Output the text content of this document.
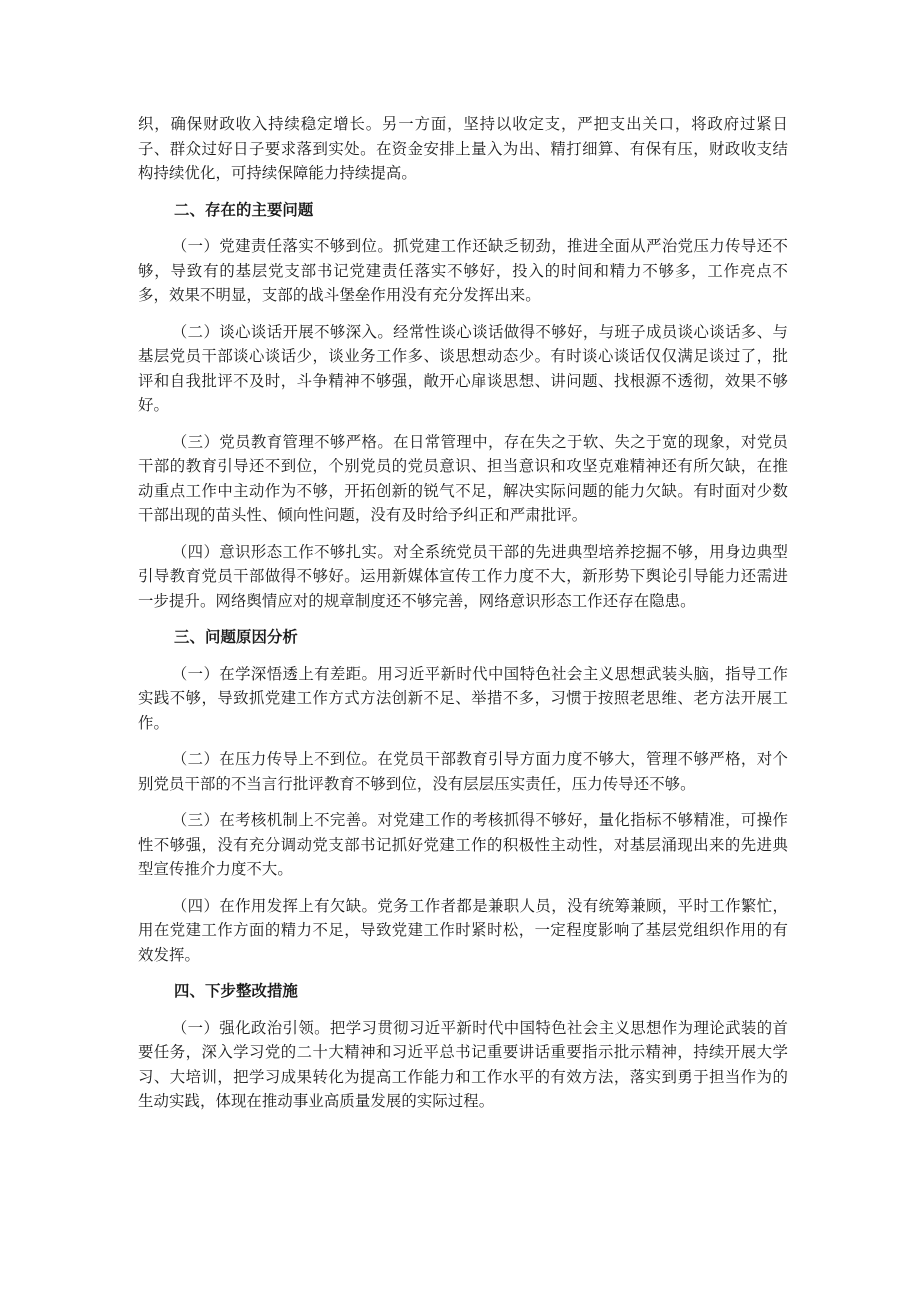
织，确保财政收入持续稳定增长。另一方面，坚持以收定支，严把支出关口，将政府过紧日子、群众过好日子要求落到实处。在资金安排上量入为出、精打细算、有保有压，财政收支结构持续优化，可持续保障能力持续提高。

二、存在的主要问题

（一）党建责任落实不够到位。抓党建工作还缺乏韧劲，推进全面从严治党压力传导还不够，导致有的基层党支部书记党建责任落实不够好，投入的时间和精力不够多，工作亮点不多，效果不明显，支部的战斗堡垒作用没有充分发挥出来。

（二）谈心谈话开展不够深入。经常性谈心谈话做得不够好，与班子成员谈心谈话多、与基层党员干部谈心谈话少，谈业务工作多、谈思想动态少。有时谈心谈话仅仅满足谈过了，批评和自我批评不及时，斗争精神不够强，敞开心扉谈思想、讲问题、找根源不透彻，效果不够好。

（三）党员教育管理不够严格。在日常管理中，存在失之于软、失之于宽的现象，对党员干部的教育引导还不到位，个别党员的党员意识、担当意识和攻坚克难精神还有所欠缺，在推动重点工作中主动作为不够，开拓创新的锐气不足，解决实际问题的能力欠缺。有时面对少数干部出现的苗头性、倾向性问题，没有及时给予纠正和严肃批评。

（四）意识形态工作不够扎实。对全系统党员干部的先进典型培养挖掘不够，用身边典型引导教育党员干部做得不够好。运用新媒体宣传工作力度不大，新形势下舆论引导能力还需进一步提升。网络舆情应对的规章制度还不够完善，网络意识形态工作还存在隐患。

三、问题原因分析

（一）在学深悟透上有差距。用习近平新时代中国特色社会主义思想武装头脑，指导工作实践不够，导致抓党建工作方式方法创新不足、举措不多，习惯于按照老思维、老方法开展工作。

（二）在压力传导上不到位。在党员干部教育引导方面力度不够大，管理不够严格，对个别党员干部的不当言行批评教育不够到位，没有层层压实责任，压力传导还不够。

（三）在考核机制上不完善。对党建工作的考核抓得不够好，量化指标不够精准，可操作性不够强，没有充分调动党支部书记抓好党建工作的积极性主动性，对基层涌现出来的先进典型宣传推介力度不大。

（四）在作用发挥上有欠缺。党务工作者都是兼职人员，没有统筹兼顾，平时工作繁忙，用在党建工作方面的精力不足，导致党建工作时紧时松，一定程度影响了基层党组织作用的有效发挥。

四、下步整改措施

（一）强化政治引领。把学习贯彻习近平新时代中国特色社会主义思想作为理论武装的首要任务，深入学习党的二十大精神和习近平总书记重要讲话重要指示批示精神，持续开展大学习、大培训，把学习成果转化为提高工作能力和工作水平的有效方法，落实到勇于担当作为的生动实践，体现在推动事业高质量发展的实际过程。
